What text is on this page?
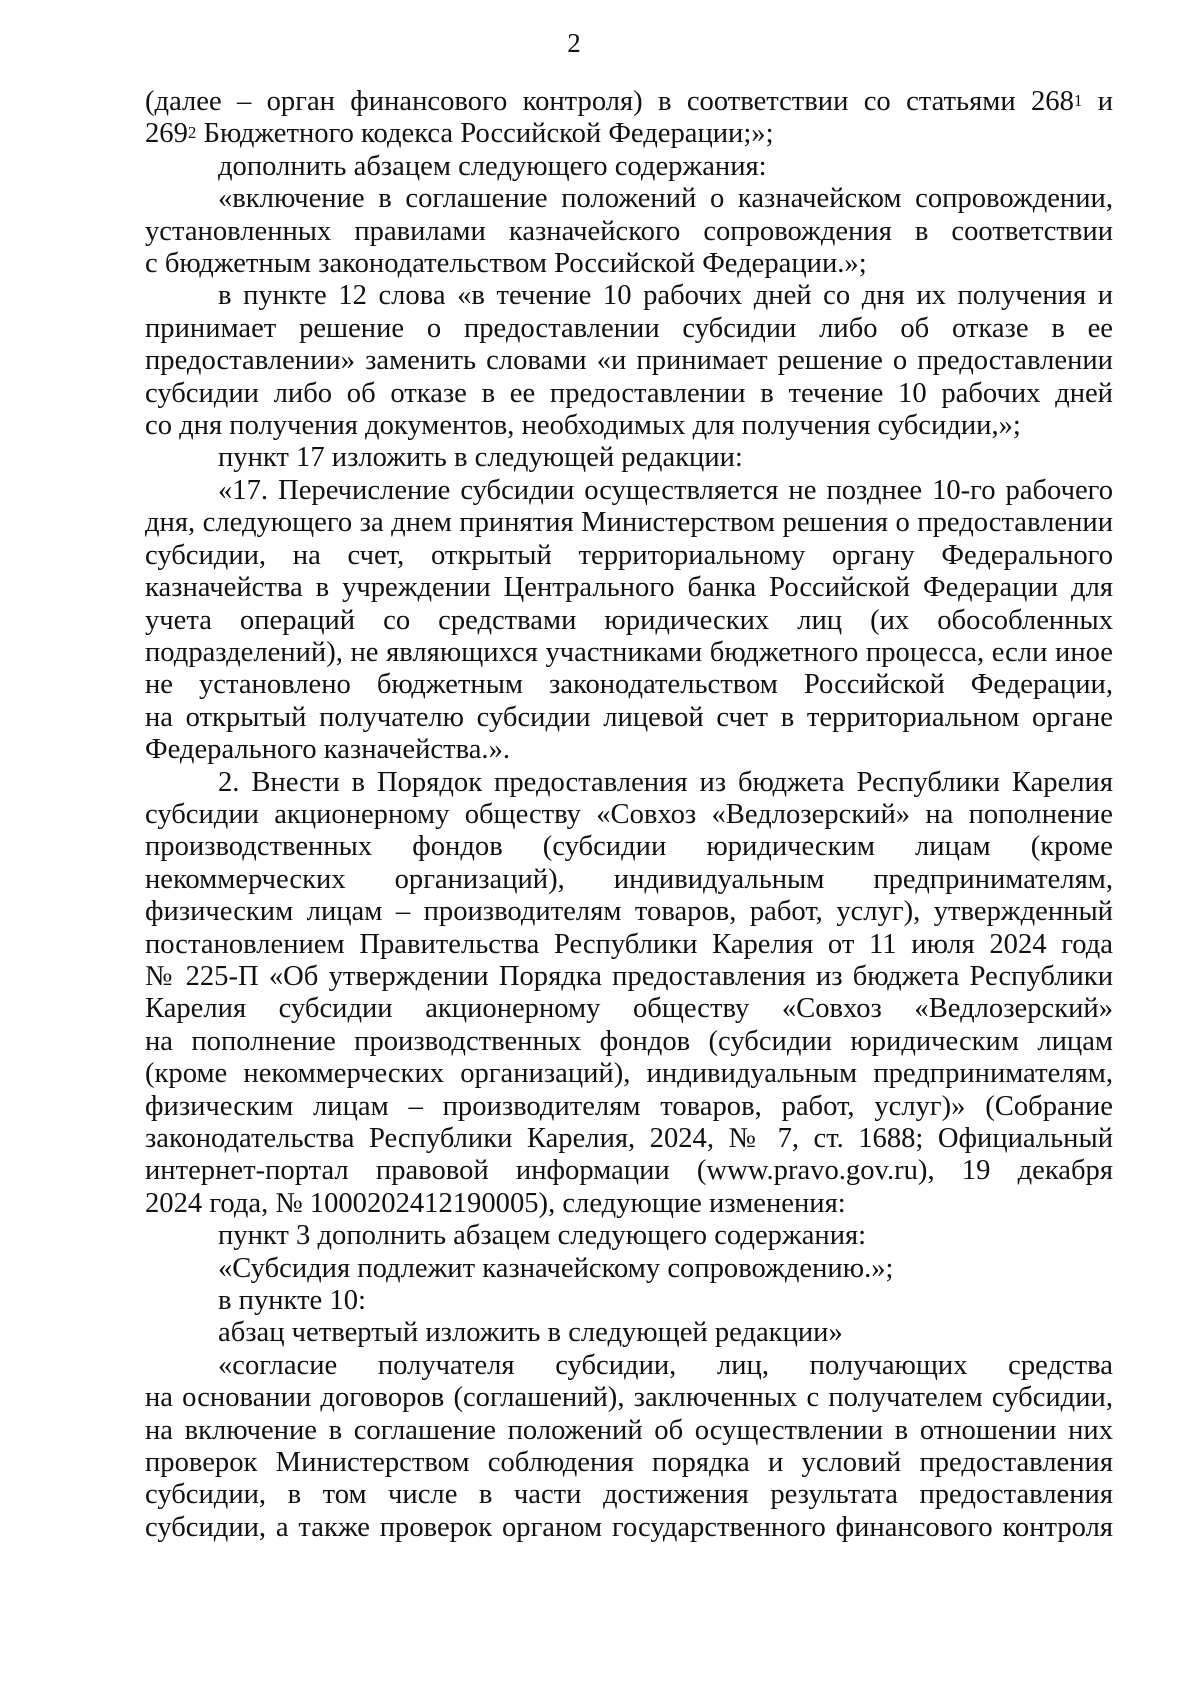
2

(далее – орган финансового контроля) в соответствии со статьями $268^1$ и

$269^2$ Бюджетного кодекса Российской Федерации;»;

дополнить абзацем следующего содержания:

«включение в соглашение положений о казначейском сопровождении,

установленных правилами казначейского сопровождения в соответствии

с бюджетным законодательством Российской Федерации.»;

в пункте 12 слова «в течение 10 рабочих дней со дня их получения и

принимает решение о предоставлении субсидии либо об отказе в ее

предоставлении» заменить словами «и принимает решение о предоставлении

субсидии либо об отказе в ее предоставлении в течение 10 рабочих дней

со дня получения документов, необходимых для получения субсидии,»;

пункт 17 изложить в следующей редакции:

«17. Перечисление субсидии осуществляется не позднее 10-го рабочего

дня, следующего за днем принятия Министерством решения о предоставлении

субсидии, на счет, открытый территориальному органу Федерального

казначейства в учреждении Центрального банка Российской Федерации для

учета операций со средствами юридических лиц (их обособленных

подразделений), не являющихся участниками бюджетного процесса, если иное

не установлено бюджетным законодательством Российской Федерации,

на открытый получателю субсидии лицевой счет в территориальном органе

Федерального казначейства.».

2. Внести в Порядок предоставления из бюджета Республики Карелия

субсидии акционерному обществу «Совхоз «Ведлозерский» на пополнение

производственных фондов (субсидии юридическим лицам (кроме

некоммерческих организаций), индивидуальным предпринимателям,

физическим лицам – производителям товаров, работ, услуг), утвержденный

постановлением Правительства Республики Карелия от 11 июля 2024 года

№ 225-П «Об утверждении Порядка предоставления из бюджета Республики

Карелия субсидии акционерному обществу «Совхоз «Ведлозерский»

на пополнение производственных фондов (субсидии юридическим лицам

(кроме некоммерческих организаций), индивидуальным предпринимателям,

физическим лицам – производителям товаров, работ, услуг)» (Собрание

законодательства Республики Карелия, 2024, № 7, ст. 1688; Официальный

интернет-портал правовой информации (www.pravo.gov.ru), 19 декабря

2024 года, № 1000202412190005), следующие изменения:

пункт 3 дополнить абзацем следующего содержания:

«Субсидия подлежит казначейскому сопровождению.»;

в пункте 10:

абзац четвертый изложить в следующей редакции»

«согласие получателя субсидии, лиц, получающих средства

на основании договоров (соглашений), заключенных с получателем субсидии,

на включение в соглашение положений об осуществлении в отношении них

проверок Министерством соблюдения порядка и условий предоставления

субсидии, в том числе в части достижения результата предоставления

субсидии, а также проверок органом государственного финансового контроля
